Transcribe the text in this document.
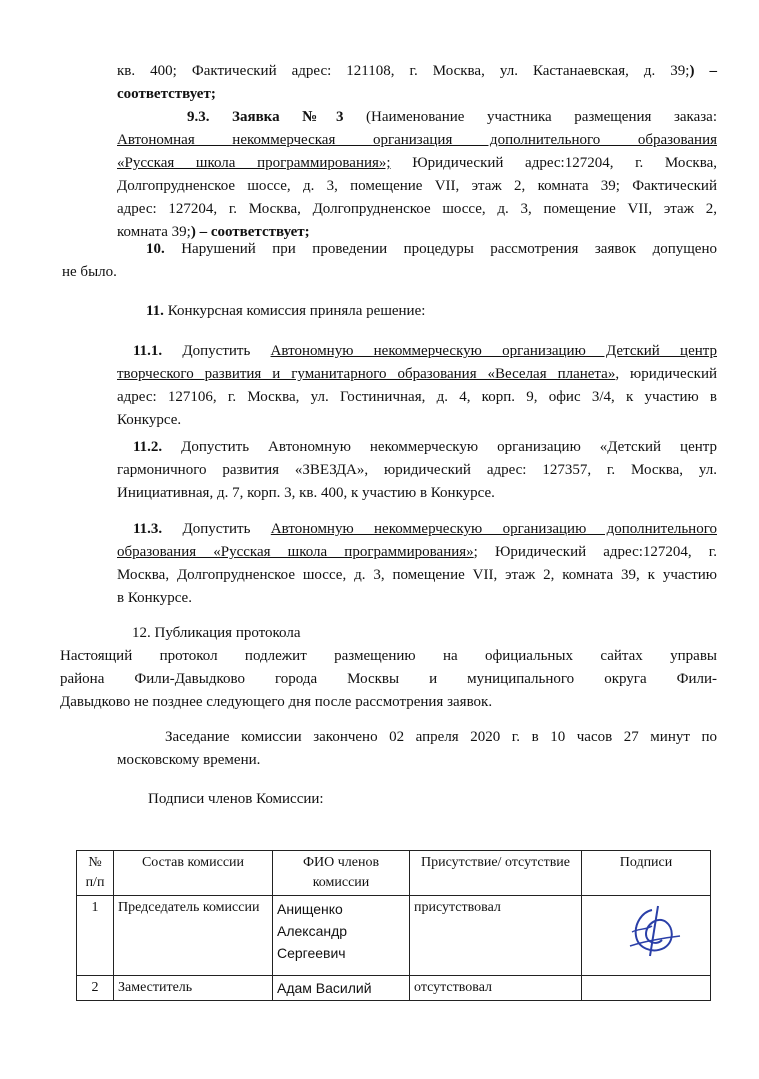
кв. 400; Фактический адрес: 121108, г. Москва, ул. Кастанаевская, д. 39;) –
соответствует;
9.3. Заявка №3 (Наименование участника размещения заказа:
Автономная некоммерческая организация дополнительного образования
«Русская школа программирования»; Юридический адрес:127204, г. Москва,
Долгопрудненское шоссе, д. 3, помещение VII, этаж 2, комната 39; Фактический
адрес: 127204, г. Москва, Долгопрудненское шоссе, д. 3, помещение VII, этаж 2,
комната 39;) – соответствует;
10. Нарушений при проведении процедуры рассмотрения заявок допущено
не было.
11. Конкурсная комиссия приняла решение:
11.1. Допустить Автономную некоммерческую организацию Детский центр
творческого развития и гуманитарного образования «Веселая планета», юридический
адрес: 127106, г. Москва, ул. Гостиничная, д. 4, корп. 9, офис 3/4, к участию в
Конкурсе.
11.2. Допустить Автономную некоммерческую организацию «Детский центр
гармоничного развития «ЗВЕЗДА», юридический адрес: 127357, г. Москва, ул.
Инициативная, д. 7, корп. 3, кв. 400, к участию в Конкурсе.
11.3. Допустить Автономную некоммерческую организацию дополнительного
образования «Русская школа программирования»; Юридический адрес:127204, г.
Москва, Долгопрудненское шоссе, д. 3, помещение VII, этаж 2, комната 39, к участию
в Конкурсе.
12. Публикация протокола
Настоящий протокол подлежит размещению на официальных сайтах управы
района Фили-Давыдково города Москвы и муниципального округа Фили-
Давыдково не позднее следующего дня после рассмотрения заявок.
Заседание комиссии закончено 02 апреля 2020 г. в 10 часов 27 минут по
московскому времени.
Подписи членов Комиссии:
№ п/п	Состав комиссии	ФИО членов комиссии	Присутствие/ отсутствие	Подписи
1	Председатель комиссии	Анищенко Александр Сергеевич	присутствовал	
2	Заместитель	Адам Василий	отсутствовал	
